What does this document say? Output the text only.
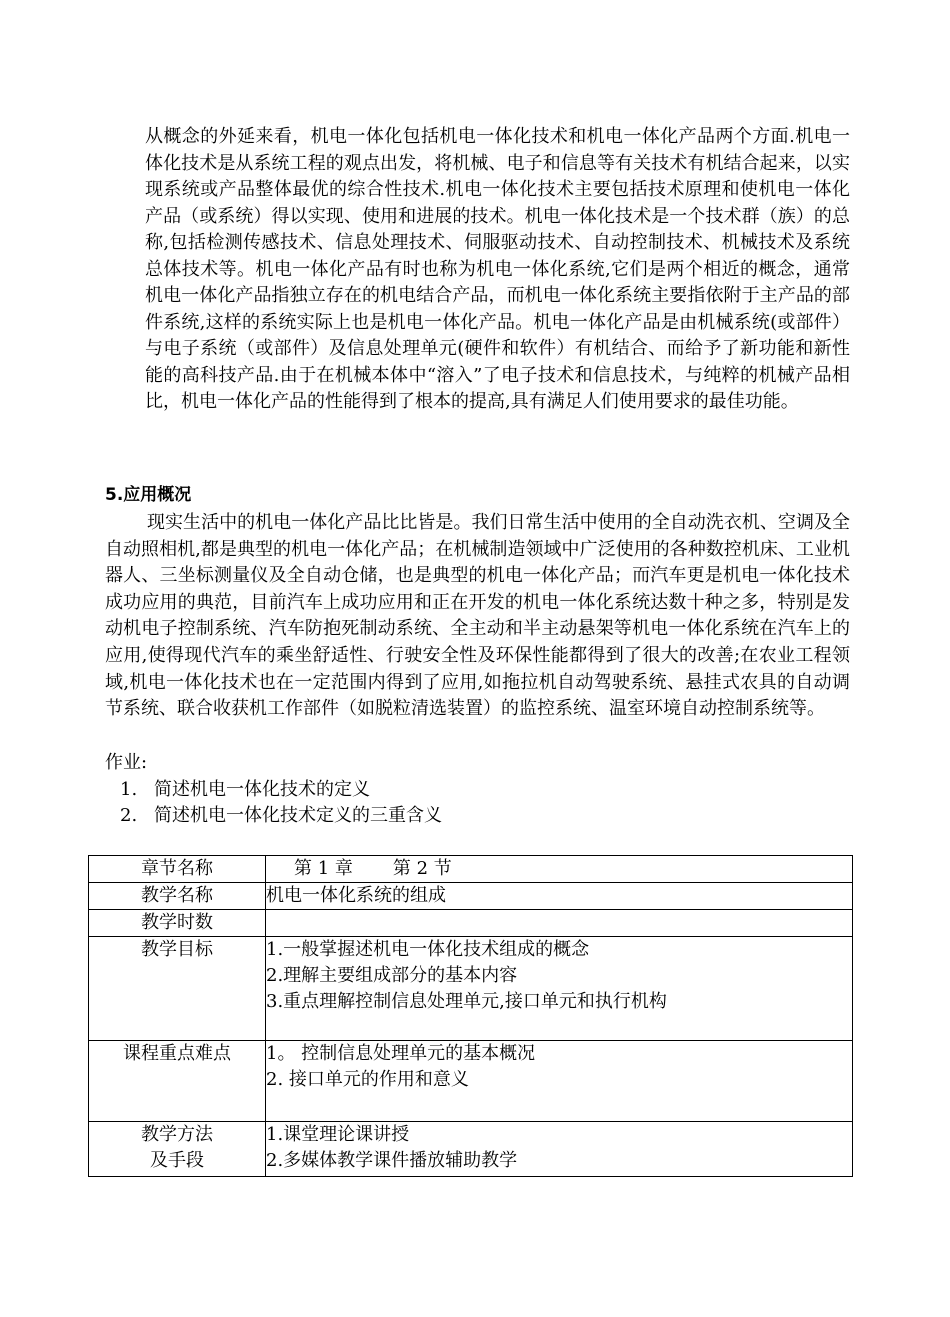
从概念的外延来看，机电一体化包括机电一体化技术和机电一体化产品两个方面.机电一体化技术是从系统工程的观点出发，将机械、电子和信息等有关技术有机结合起来，以实现系统或产品整体最优的综合性技术.机电一体化技术主要包括技术原理和使机电一体化产品（或系统）得以实现、使用和进展的技术。机电一体化技术是一个技术群（族）的总称,包括检测传感技术、信息处理技术、伺服驱动技术、自动控制技术、机械技术及系统总体技术等。机电一体化产品有时也称为机电一体化系统,它们是两个相近的概念，通常机电一体化产品指独立存在的机电结合产品，而机电一体化系统主要指依附于主产品的部件系统,这样的系统实际上也是机电一体化产品。机电一体化产品是由机械系统(或部件）与电子系统（或部件）及信息处理单元(硬件和软件）有机结合、而给予了新功能和新性能的高科技产品.由于在机械本体中“溶入”了电子技术和信息技术，与纯粹的机械产品相比，机电一体化产品的性能得到了根本的提高,具有满足人们使用要求的最佳功能。

5.应用概况

现实生活中的机电一体化产品比比皆是。我们日常生活中使用的全自动洗衣机、空调及全自动照相机,都是典型的机电一体化产品；在机械制造领域中广泛使用的各种数控机床、工业机器人、三坐标测量仪及全自动仓储，也是典型的机电一体化产品；而汽车更是机电一体化技术成功应用的典范，目前汽车上成功应用和正在开发的机电一体化系统达数十种之多，特别是发动机电子控制系统、汽车防抱死制动系统、全主动和半主动悬架等机电一体化系统在汽车上的应用,使得现代汽车的乘坐舒适性、行驶安全性及环保性能都得到了很大的改善;在农业工程领域,机电一体化技术也在一定范围内得到了应用,如拖拉机自动驾驶系统、悬挂式农具的自动调节系统、联合收获机工作部件（如脱粒清选装置）的监控系统、温室环境自动控制系统等。

作业:

1. 简述机电一体化技术的定义

2. 简述机电一体化技术定义的三重含义

章节名称	第 1 章 第 2 节
教学名称	机电一体化系统的组成
教学时数	
教学目标	1.一般掌握述机电一体化技术组成的概念
2.理解主要组成部分的基本内容
3.重点理解控制信息处理单元,接口单元和执行机构

课程重点难点	1。 控制信息处理单元的基本概况
2. 接口单元的作用和意义

教学方法
及手段	1.课堂理论课讲授
2.多媒体教学课件播放辅助教学
